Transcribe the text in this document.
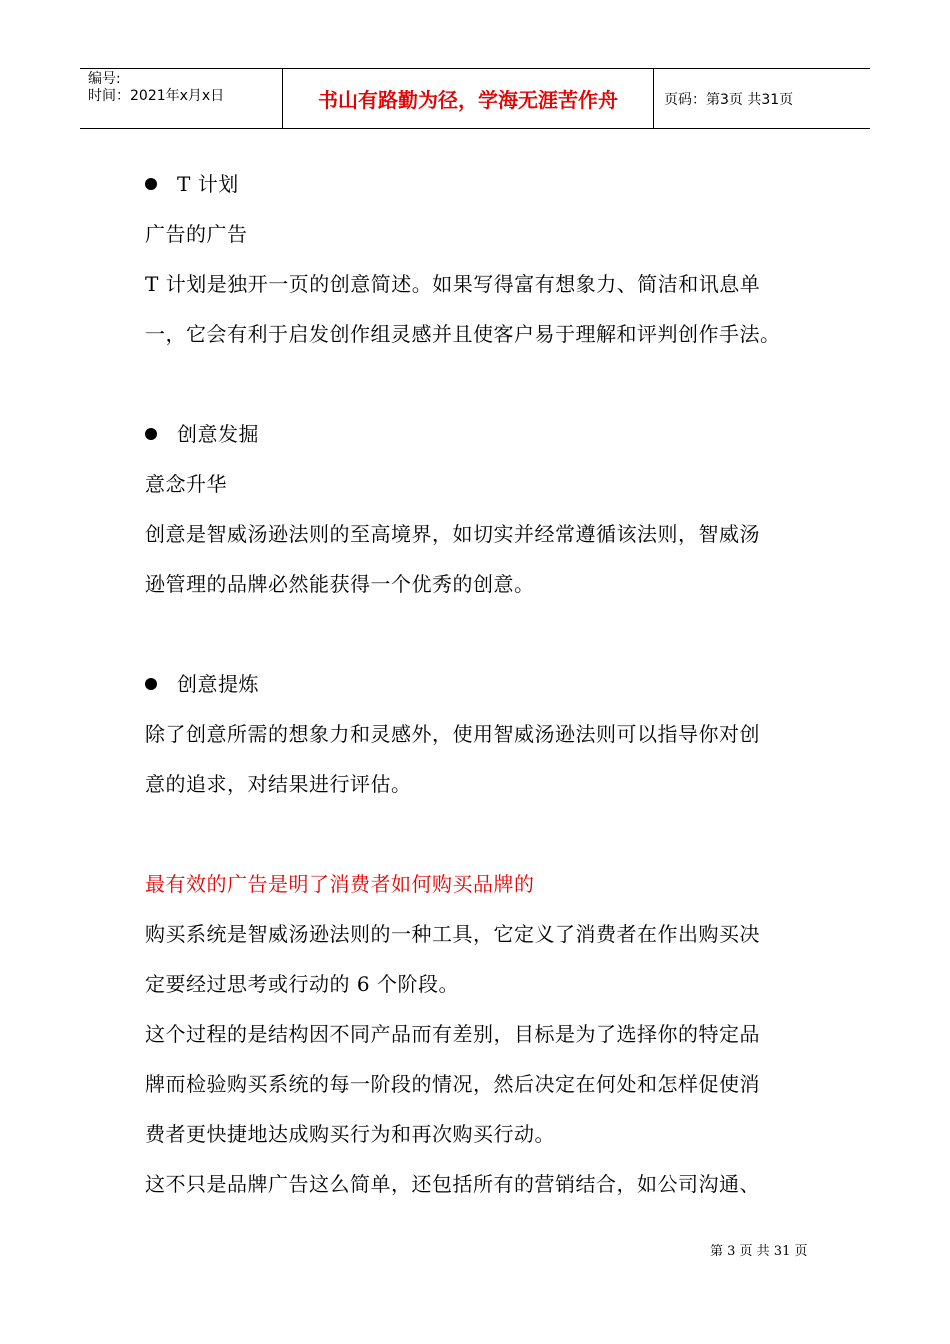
编号:
时间：2021年x月x日	书山有路勤为径，学海无涯苦作舟	页码：第3页 共31页
T 计划
广告的广告
T 计划是独开一页的创意简述。如果写得富有想象力、简洁和讯息单
一，它会有利于启发创作组灵感并且使客户易于理解和评判创作手法。
创意发掘
意念升华
创意是智威汤逊法则的至高境界，如切实并经常遵循该法则，智威汤
逊管理的品牌必然能获得一个优秀的创意。
创意提炼
除了创意所需的想象力和灵感外，使用智威汤逊法则可以指导你对创
意的追求，对结果进行评估。
最有效的广告是明了消费者如何购买品牌的
购买系统是智威汤逊法则的一种工具，它定义了消费者在作出购买决
定要经过思考或行动的 6 个阶段。
这个过程的是结构因不同产品而有差别，目标是为了选择你的特定品
牌而检验购买系统的每一阶段的情况，然后决定在何处和怎样促使消
费者更快捷地达成购买行为和再次购买行动。
这不只是品牌广告这么简单，还包括所有的营销结合，如公司沟通、
第 3 页 共 31 页
